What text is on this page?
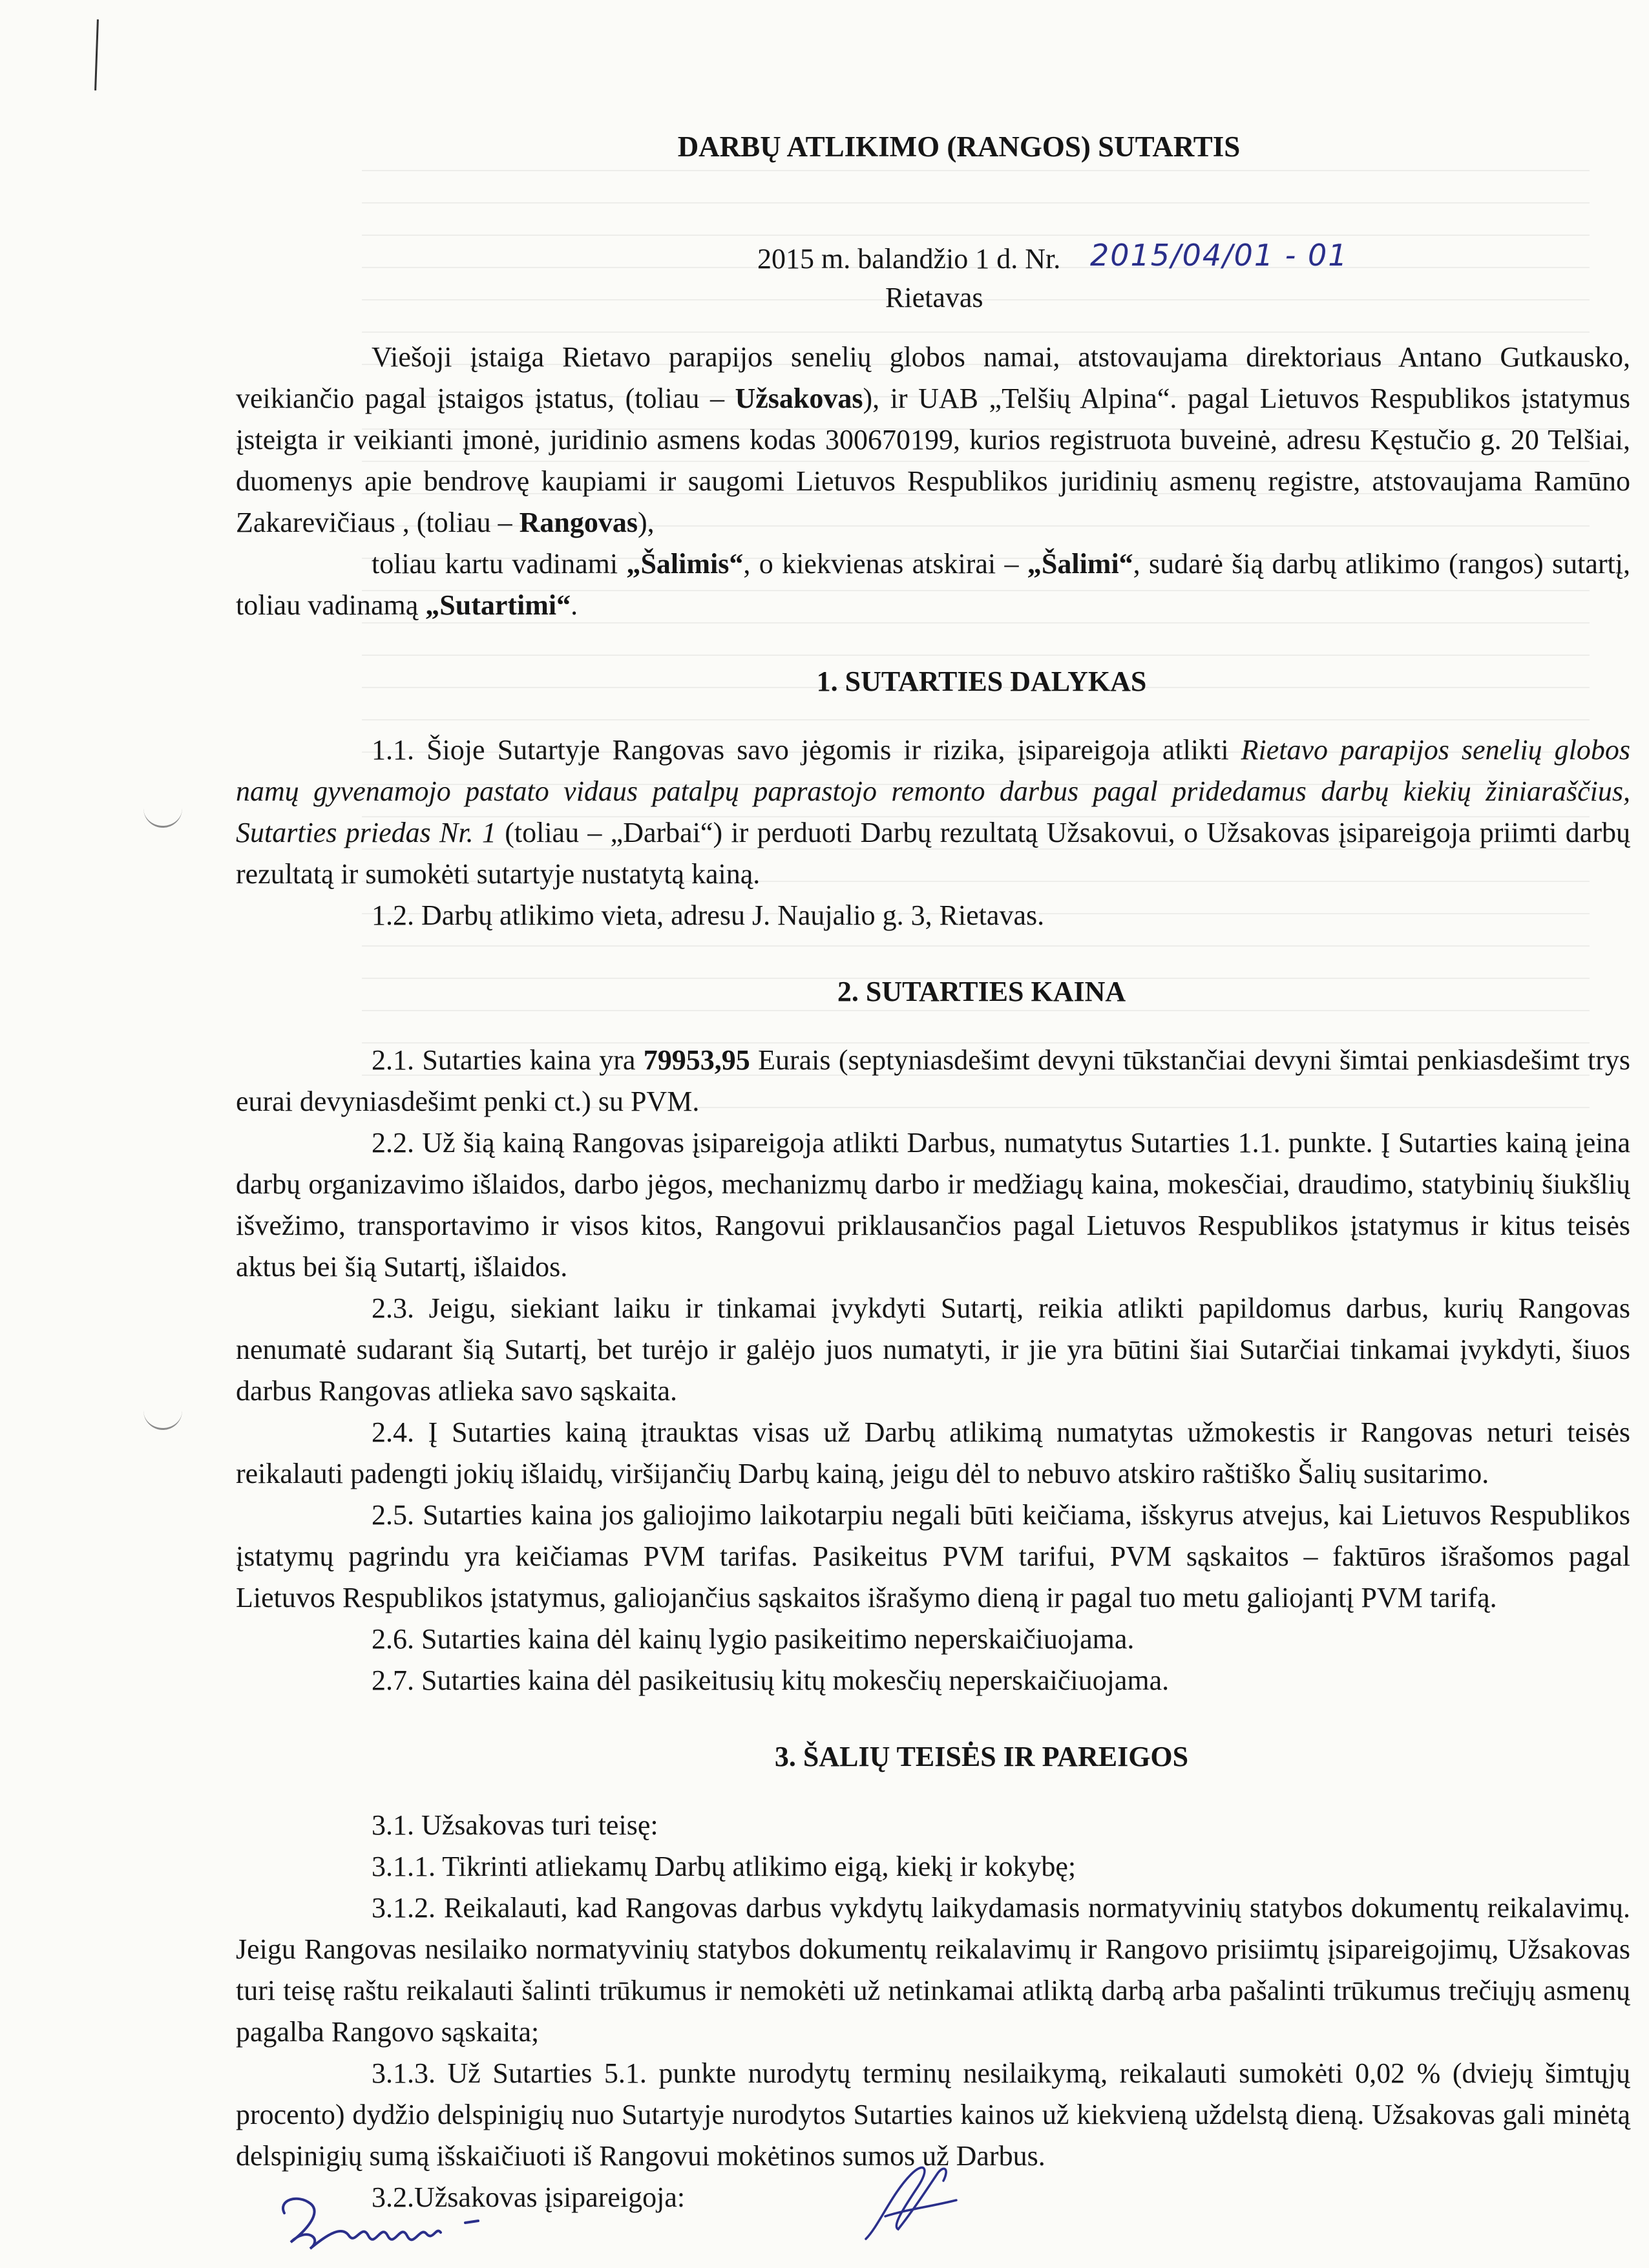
DARBŲ ATLIKIMO (RANGOS) SUTARTIS
2015 m. balandžio 1 d. Nr. 2015/04/01 - 01
Rietavas

Viešoji įstaiga Rietavo parapijos senelių globos namai, atstovaujama direktoriaus Antano Gutkausko, veikiančio pagal įstaigos įstatus, (toliau – Užsakovas), ir UAB „Telšių Alpina“. pagal Lietuvos Respublikos įstatymus įsteigta ir veikianti įmonė, juridinio asmens kodas 300670199, kurios registruota buveinė, adresu Kęstučio g. 20 Telšiai, duomenys apie bendrovę kaupiami ir saugomi Lietuvos Respublikos juridinių asmenų registre, atstovaujama Ramūno Zakarevičiaus , (toliau – Rangovas),

toliau kartu vadinami „Šalimis“, o kiekvienas atskirai – „Šalimi“, sudarė šią darbų atlikimo (rangos) sutartį, toliau vadinamą „Sutartimi“.

1. SUTARTIES DALYKAS

1.1. Šioje Sutartyje Rangovas savo jėgomis ir rizika, įsipareigoja atlikti Rietavo parapijos senelių globos namų gyvenamojo pastato vidaus patalpų paprastojo remonto darbus pagal pridedamus darbų kiekių žiniaraščius, Sutarties priedas Nr. 1 (toliau – „Darbai“) ir perduoti Darbų rezultatą Užsakovui, o Užsakovas įsipareigoja priimti darbų rezultatą ir sumokėti sutartyje nustatytą kainą.

1.2. Darbų atlikimo vieta, adresu J. Naujalio g. 3, Rietavas.

2. SUTARTIES KAINA

2.1. Sutarties kaina yra 79953,95 Eurais (septyniasdešimt devyni tūkstančiai devyni šimtai penkiasdešimt trys eurai devyniasdešimt penki ct.) su PVM.

2.2. Už šią kainą Rangovas įsipareigoja atlikti Darbus, numatytus Sutarties 1.1. punkte. Į Sutarties kainą įeina darbų organizavimo išlaidos, darbo jėgos, mechanizmų darbo ir medžiagų kaina, mokesčiai, draudimo, statybinių šiukšlių išvežimo, transportavimo ir visos kitos, Rangovui priklausančios pagal Lietuvos Respublikos įstatymus ir kitus teisės aktus bei šią Sutartį, išlaidos.

2.3. Jeigu, siekiant laiku ir tinkamai įvykdyti Sutartį, reikia atlikti papildomus darbus, kurių Rangovas nenumatė sudarant šią Sutartį, bet turėjo ir galėjo juos numatyti, ir jie yra būtini šiai Sutarčiai tinkamai įvykdyti, šiuos darbus Rangovas atlieka savo sąskaita.

2.4. Į Sutarties kainą įtrauktas visas už Darbų atlikimą numatytas užmokestis ir Rangovas neturi teisės reikalauti padengti jokių išlaidų, viršijančių Darbų kainą, jeigu dėl to nebuvo atskiro raštiško Šalių susitarimo.

2.5. Sutarties kaina jos galiojimo laikotarpiu negali būti keičiama, išskyrus atvejus, kai Lietuvos Respublikos įstatymų pagrindu yra keičiamas PVM tarifas. Pasikeitus PVM tarifui, PVM sąskaitos – faktūros išrašomos pagal Lietuvos Respublikos įstatymus, galiojančius sąskaitos išrašymo dieną ir pagal tuo metu galiojantį PVM tarifą.

2.6. Sutarties kaina dėl kainų lygio pasikeitimo neperskaičiuojama.

2.7. Sutarties kaina dėl pasikeitusių kitų mokesčių neperskaičiuojama.

3. ŠALIŲ TEISĖS IR PAREIGOS

3.1. Užsakovas turi teisę:

3.1.1. Tikrinti atliekamų Darbų atlikimo eigą, kiekį ir kokybę;

3.1.2. Reikalauti, kad Rangovas darbus vykdytų laikydamasis normatyvinių statybos dokumentų reikalavimų. Jeigu Rangovas nesilaiko normatyvinių statybos dokumentų reikalavimų ir Rangovo prisiimtų įsipareigojimų, Užsakovas turi teisę raštu reikalauti šalinti trūkumus ir nemokėti už netinkamai atliktą darbą arba pašalinti trūkumus trečiųjų asmenų pagalba Rangovo sąskaita;

3.1.3. Už Sutarties 5.1. punkte nurodytų terminų nesilaikymą, reikalauti sumokėti 0,02 % (dviejų šimtųjų procento) dydžio delspinigių nuo Sutartyje nurodytos Sutarties kainos už kiekvieną uždelstą dieną. Užsakovas gali minėtą delspinigių sumą išskaičiuoti iš Rangovui mokėtinos sumos už Darbus.

3.2.Užsakovas įsipareigoja:
